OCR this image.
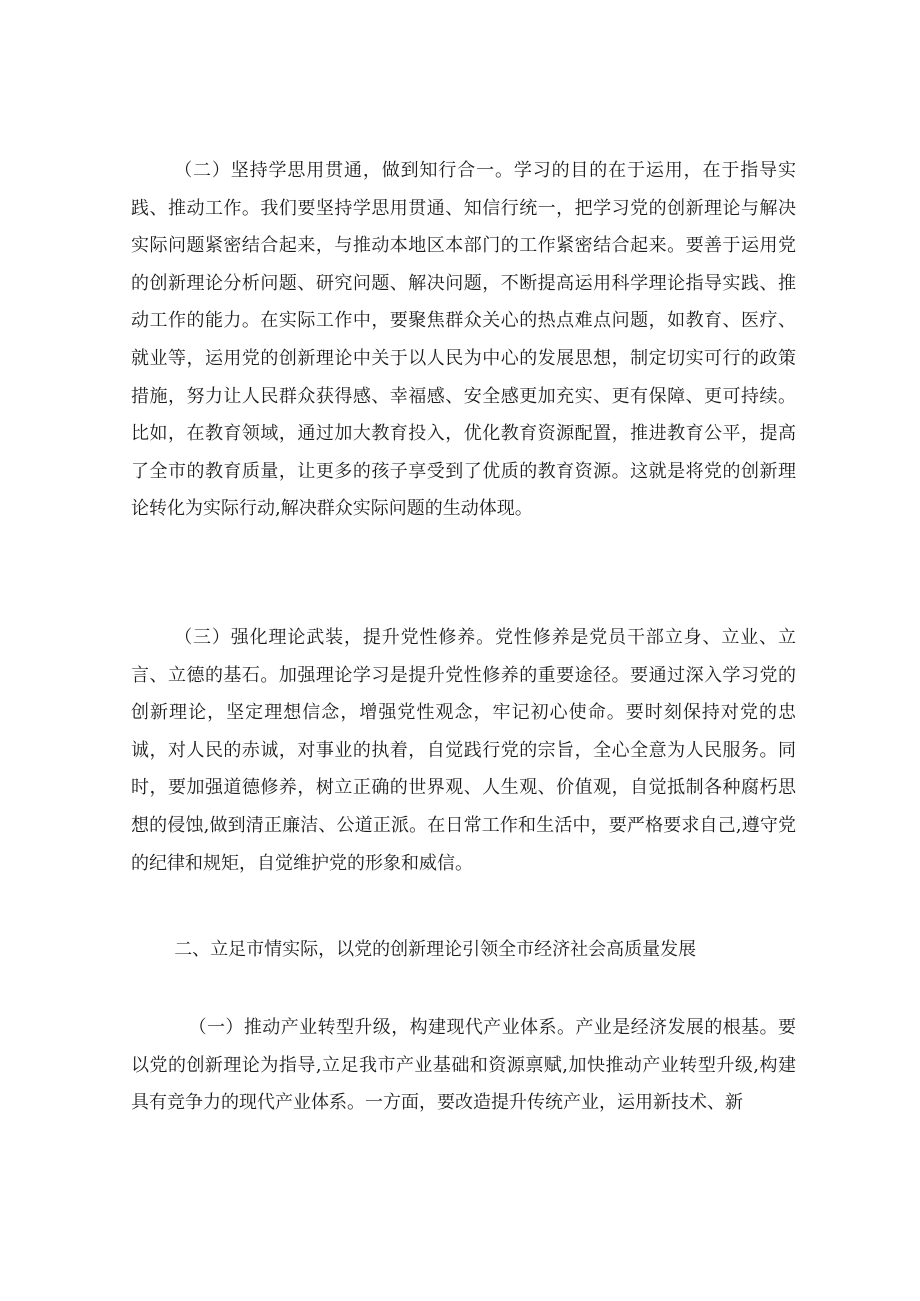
（二）坚持学思用贯通，做到知行合一。学习的目的在于运用，在于指导实践、推动工作。我们要坚持学思用贯通、知信行统一，把学习党的创新理论与解决实际问题紧密结合起来，与推动本地区本部门的工作紧密结合起来。要善于运用党的创新理论分析问题、研究问题、解决问题，不断提高运用科学理论指导实践、推动工作的能力。在实际工作中，要聚焦群众关心的热点难点问题，如教育、医疗、就业等，运用党的创新理论中关于以人民为中心的发展思想，制定切实可行的政策措施，努力让人民群众获得感、幸福感、安全感更加充实、更有保障、更可持续。比如，在教育领域，通过加大教育投入，优化教育资源配置，推进教育公平，提高了全市的教育质量，让更多的孩子享受到了优质的教育资源。这就是将党的创新理论转化为实际行动,解决群众实际问题的生动体现。

（三）强化理论武装，提升党性修养。党性修养是党员干部立身、立业、立言、立德的基石。加强理论学习是提升党性修养的重要途径。要通过深入学习党的创新理论，坚定理想信念，增强党性观念，牢记初心使命。要时刻保持对党的忠诚，对人民的赤诚，对事业的执着，自觉践行党的宗旨，全心全意为人民服务。同时，要加强道德修养，树立正确的世界观、人生观、价值观，自觉抵制各种腐朽思想的侵蚀,做到清正廉洁、公道正派。在日常工作和生活中，要严格要求自己,遵守党的纪律和规矩，自觉维护党的形象和威信。

二、立足市情实际，以党的创新理论引领全市经济社会高质量发展

（一）推动产业转型升级，构建现代产业体系。产业是经济发展的根基。要以党的创新理论为指导,立足我市产业基础和资源禀赋,加快推动产业转型升级,构建具有竞争力的现代产业体系。一方面，要改造提升传统产业，运用新技术、新
